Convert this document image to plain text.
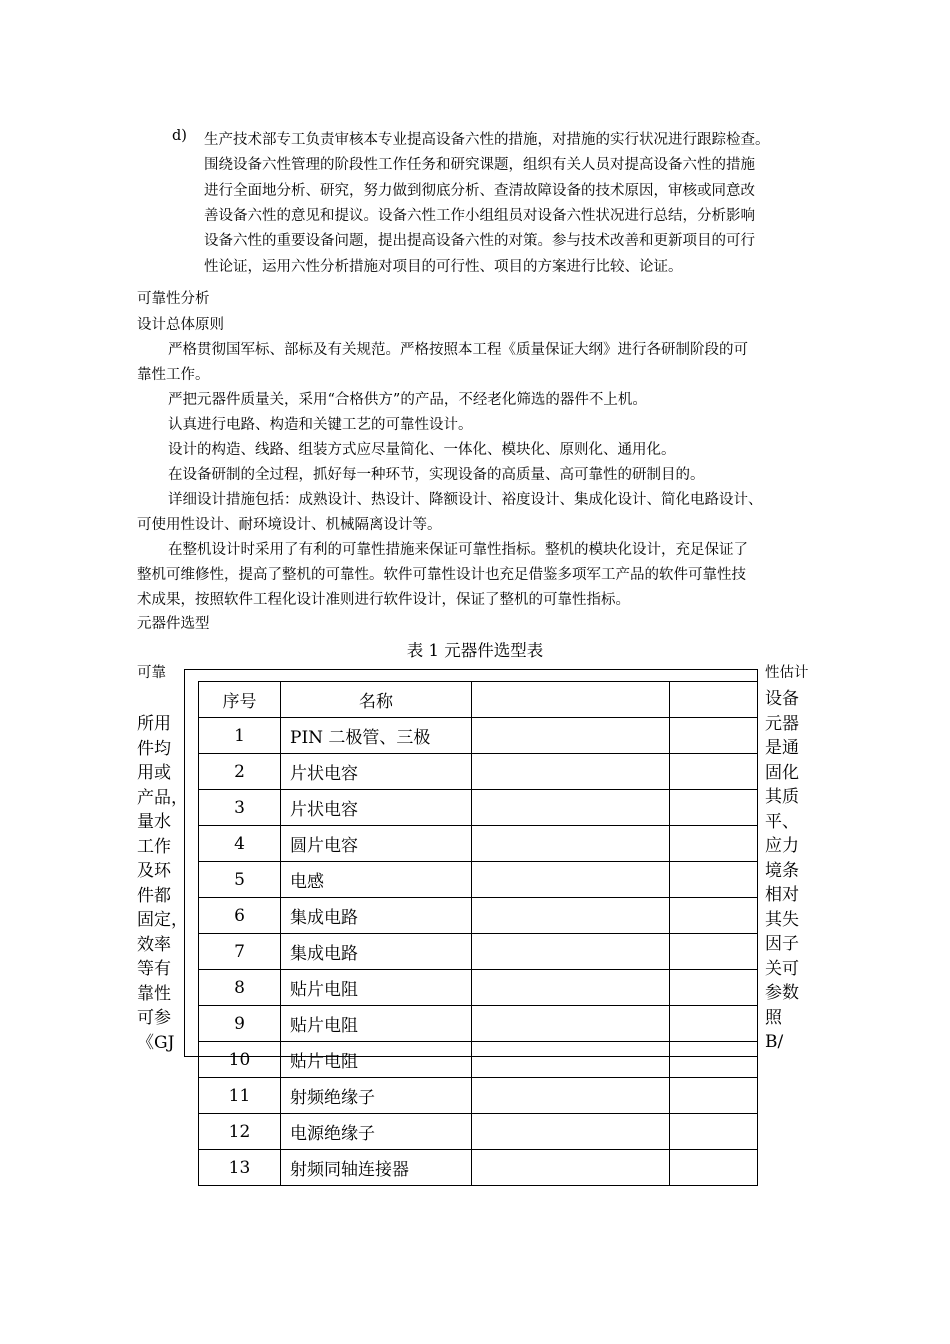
d) 生产技术部专工负责审核本专业提高设备六性的措施，对措施的实行状况进行跟踪检查。
围绕设备六性管理的阶段性工作任务和研究课题，组织有关人员对提高设备六性的措施
进行全面地分析、研究，努力做到彻底分析、查清故障设备的技术原因，审核或同意改
善设备六性的意见和提议。设备六性工作小组组员对设备六性状况进行总结，分析影响
设备六性的重要设备问题，提出提高设备六性的对策。参与技术改善和更新项目的可行
性论证，运用六性分析措施对项目的可行性、项目的方案进行比较、论证。
可靠性分析
设计总体原则
严格贯彻国军标、部标及有关规范。严格按照本工程《质量保证大纲》进行各研制阶段的可
靠性工作。
严把元器件质量关，采用“合格供方”的产品，不经老化筛选的器件不上机。
认真进行电路、构造和关键工艺的可靠性设计。
设计的构造、线路、组装方式应尽量简化、一体化、模块化、原则化、通用化。
在设备研制的全过程，抓好每一种环节，实现设备的高质量、高可靠性的研制目的。
详细设计措施包括：成熟设计、热设计、降额设计、裕度设计、集成化设计、简化电路设计、
可使用性设计、耐环境设计、机械隔离设计等。
在整机设计时采用了有利的可靠性措施来保证可靠性指标。整机的模块化设计，充足保证了
整机可维修性，提高了整机的可靠性。软件可靠性设计也充足借鉴多项军工产品的软件可靠性技
术成果，按照软件工程化设计准则进行软件设计，保证了整机的可靠性指标。
元器件选型
表 1 元器件选型表
可靠	性估计
所用
件均
用或
产品，
量水
工作
及环
件都
固定，
效率
等有
靠性
可参
《GJ
设备
元器
是通
固化
其质
平、
应力
境条
相对
其失
因子
关可
参数
照
B/
序号	名称		
1	PIN 二极管、三极		
2	片状电容		
3	片状电容		
4	圆片电容		
5	电感		
6	集成电路		
7	集成电路		
8	贴片电阻		
9	贴片电阻		
10	贴片电阻		
11	射频绝缘子		
12	电源绝缘子		
13	射频同轴连接器		
